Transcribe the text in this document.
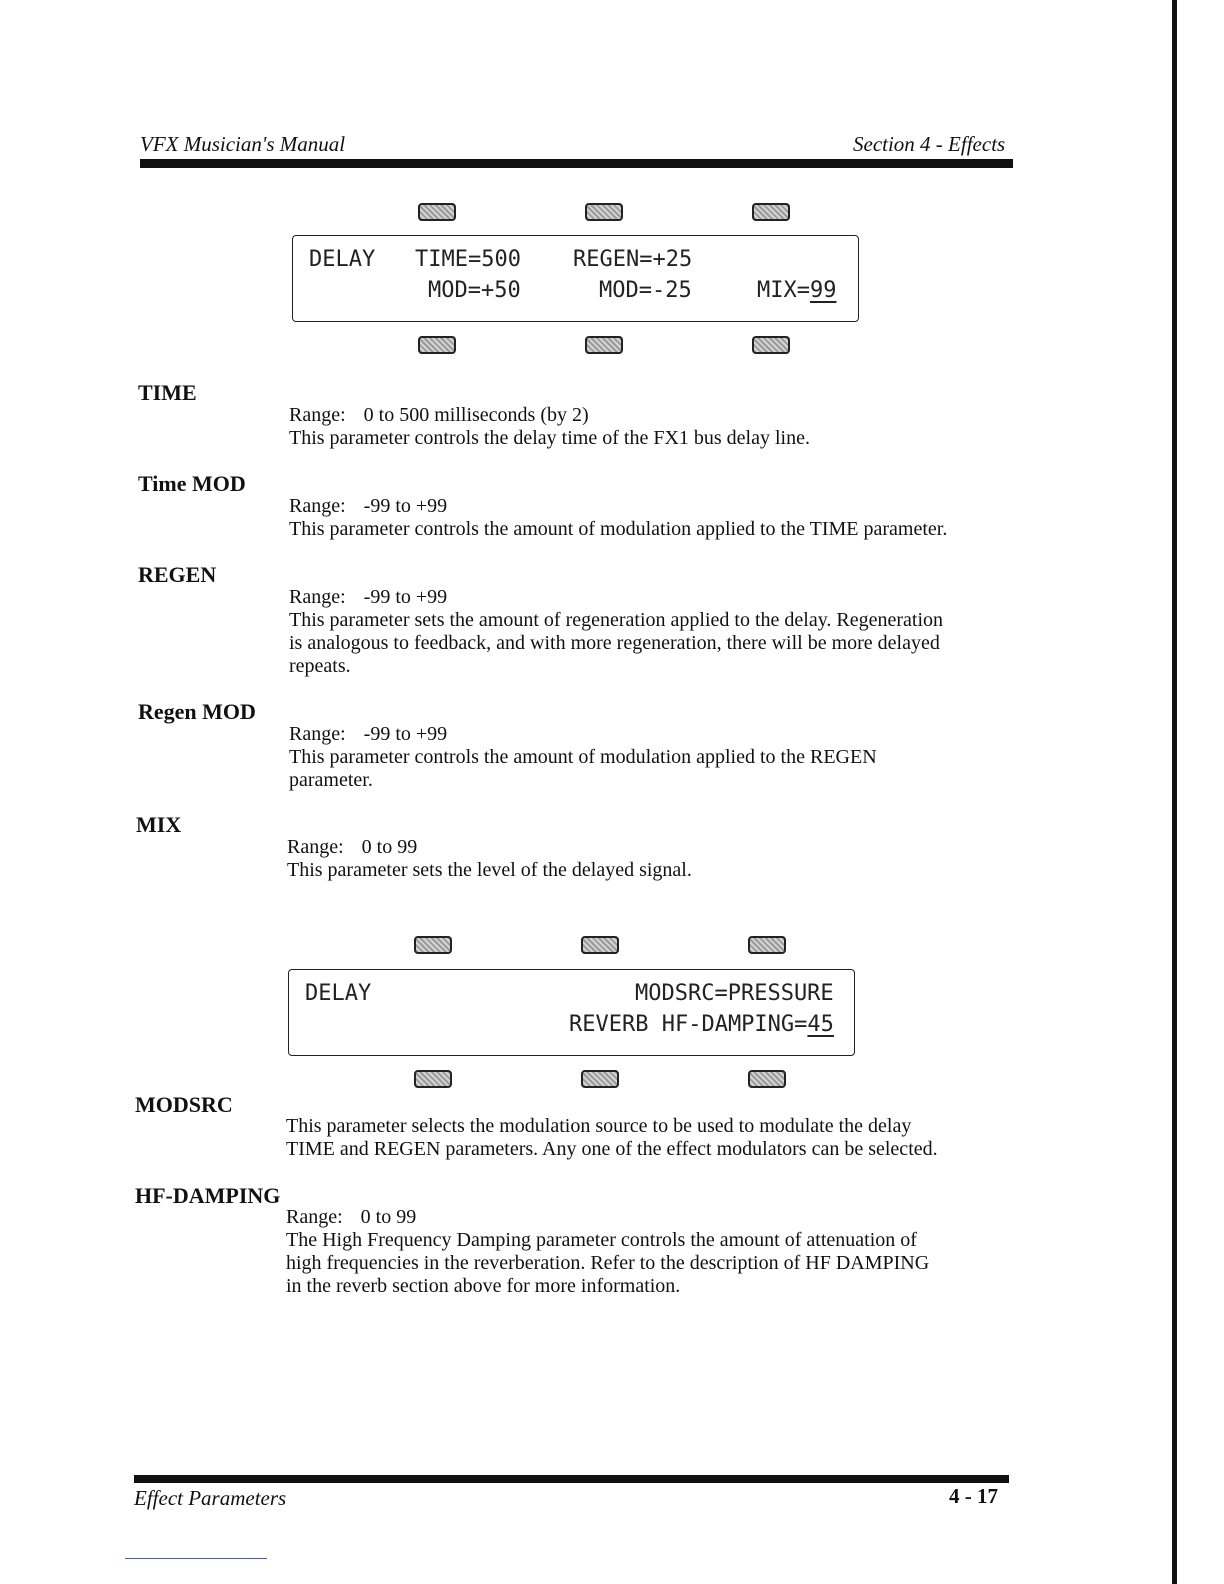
VFX Musician's Manual	Section 4 - Effects
DELAY TIME=500 REGEN=+25
MOD=+50	MOD=-25	MIX=99
TIME
Range: 0 to 500 milliseconds (by 2)
This parameter controls the delay time of the FX1 bus delay line.
Time MOD
Range: -99 to +99
This parameter controls the amount of modulation applied to the TIME parameter.
REGEN
Range: -99 to +99
This parameter sets the amount of regeneration applied to the delay. Regeneration
is analogous to feedback, and with more regeneration, there will be more delayed
repeats.
Regen MOD
Range: -99 to +99
This parameter controls the amount of modulation applied to the REGEN
parameter.
MIX
Range: 0 to 99
This parameter sets the level of the delayed signal.
DELAY	MODSRC=PRESSURE
REVERB HF-DAMPING=45
MODSRC
This parameter selects the modulation source to be used to modulate the delay
TIME and REGEN parameters. Any one of the effect modulators can be selected.
HF-DAMPING
Range: 0 to 99
The High Frequency Damping parameter controls the amount of attenuation of
high frequencies in the reverberation. Refer to the description of HF DAMPING
in the reverb section above for more information.
Effect Parameters	4 - 17
